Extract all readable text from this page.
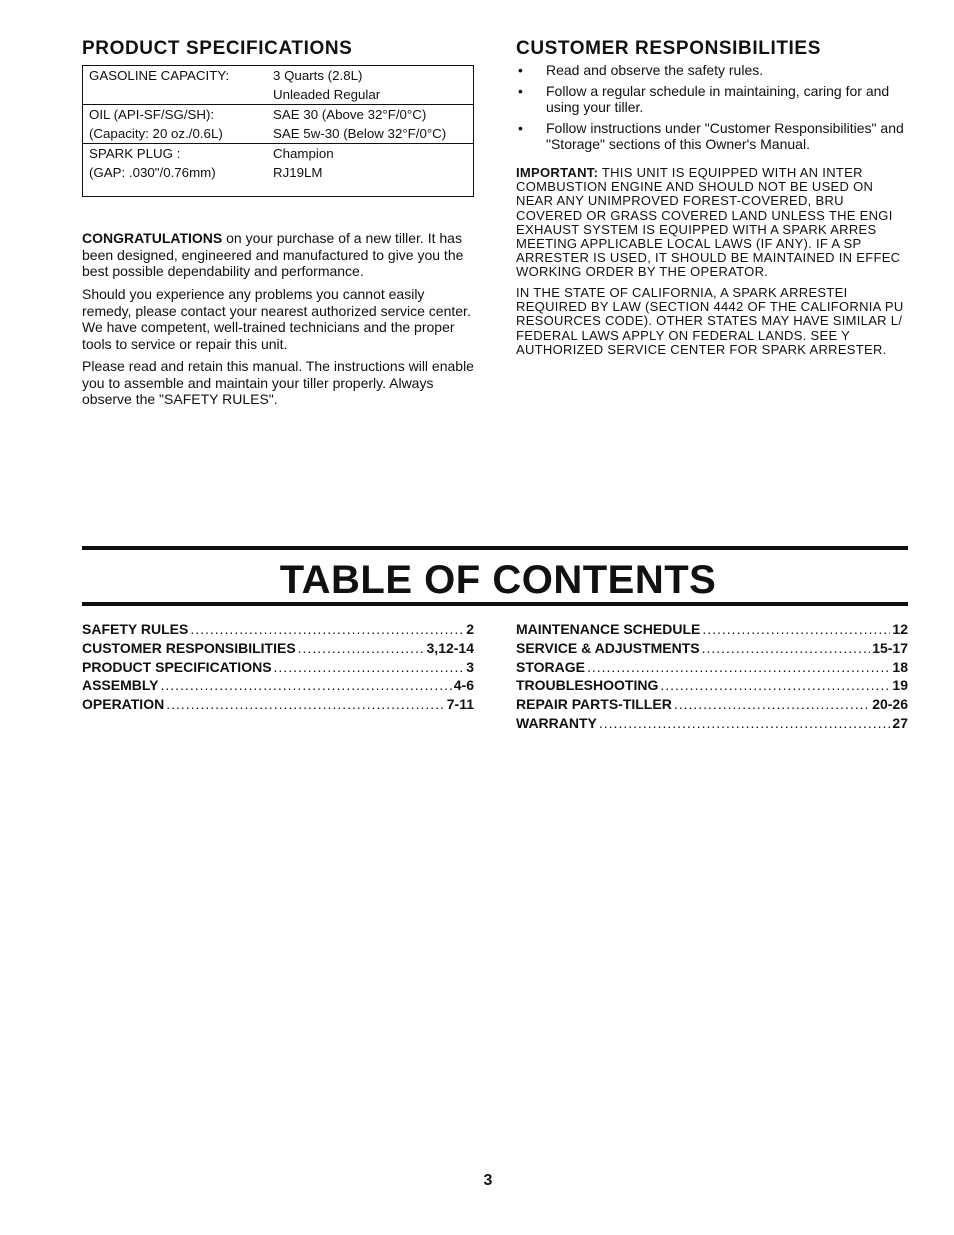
PRODUCT SPECIFICATIONS
GASOLINE CAPACITY:	3 Quarts (2.8L)
	Unleaded Regular
OIL (API-SF/SG/SH):	SAE 30 (Above 32°F/0°C)
(Capacity: 20 oz./0.6L)	SAE 5w-30 (Below 32°F/0°C)
SPARK PLUG :	Champion
(GAP: .030"/0.76mm)	RJ19LM

CONGRATULATIONS on your purchase of a new tiller. It has been designed, engineered and manufactured to give you the best possible dependability and performance.

Should you experience any problems you cannot easily remedy, please contact your nearest authorized service center. We have competent, well-trained technicians and the proper tools to service or repair this unit.

Please read and retain this manual. The instructions will enable you to assemble and maintain your tiller properly. Always observe the "SAFETY RULES".

CUSTOMER RESPONSIBILITIES
• Read and observe the safety rules.
• Follow a regular schedule in maintaining, caring for and using your tiller.
• Follow instructions under "Customer Responsibilities" and "Storage" sections of this Owner's Manual.
IMPORTANT: THIS UNIT IS EQUIPPED WITH AN INTER
COMBUSTION ENGINE AND SHOULD NOT BE USED ON
NEAR ANY UNIMPROVED FOREST-COVERED, BRU
COVERED OR GRASS COVERED LAND UNLESS THE ENGI
EXHAUST SYSTEM IS EQUIPPED WITH A SPARK ARRES
MEETING APPLICABLE LOCAL LAWS (IF ANY). IF A SP
ARRESTER IS USED, IT SHOULD BE MAINTAINED IN EFFEC
WORKING ORDER BY THE OPERATOR.
IN THE STATE OF CALIFORNIA, A SPARK ARRESTEI
REQUIRED BY LAW (SECTION 4442 OF THE CALIFORNIA PU
RESOURCES CODE). OTHER STATES MAY HAVE SIMILAR L/
FEDERAL LAWS APPLY ON FEDERAL LANDS. SEE Y
AUTHORIZED SERVICE CENTER FOR SPARK ARRESTER.
TABLE OF CONTENTS
SAFETY RULES .....	2
CUSTOMER RESPONSIBILITIES .....	3,12-14
PRODUCT SPECIFICATIONS .....	3
ASSEMBLY .....	4-6
OPERATION .....	7-11
MAINTENANCE SCHEDULE .....	12
SERVICE & ADJUSTMENTS .....	15-17
STORAGE .....	18
TROUBLESHOOTING .....	19
REPAIR PARTS-TILLER .....	20-26
WARRANTY .....	27

3
